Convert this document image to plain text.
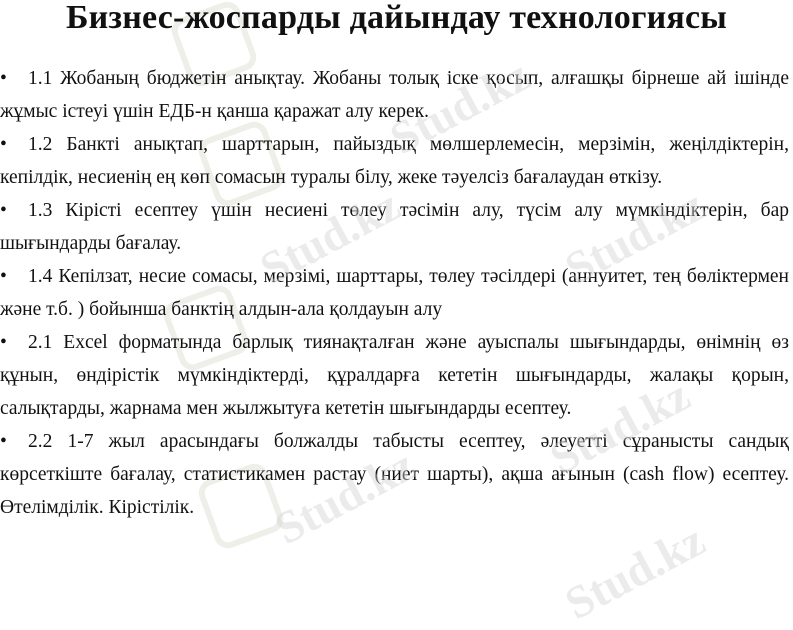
Бизнес-жоспарды дайындау технологиясы
• 1.1 Жобаның бюджетін анықтау. Жобаны толық іске қосып, алғашқы бірнеше ай ішінде жұмыс істеуі үшін ЕДБ-н қанша қаражат алу керек.
• 1.2 Банкті анықтап, шарттарын, пайыздық мөлшерлемесін, мерзімін, жеңілдіктерін, кепілдік, несиенің ең көп сомасын туралы білу, жеке тәуелсіз бағалаудан өткізу.
• 1.3 Кірісті есептеу үшін несиені төлеу тәсімін алу, түсім алу мүмкіндіктерін, бар шығындарды бағалау.
• 1.4 Кепілзат, несие сомасы, мерзімі, шарттары, төлеу тәсілдері (аннуитет, тең бөліктермен және т.б. ) бойынша банктің алдын-ала қолдауын алу
• 2.1 Excel форматында барлық тиянақталған және ауыспалы шығындарды, өнімнің өз құнын, өндірістік мүмкіндіктерді, құралдарға кететін шығындарды, жалақы қорын, салықтарды, жарнама мен жылжытуға кететін шығындарды есептеу.
• 2.2 1-7 жыл арасындағы болжалды табысты есептеу, әлеуетті сұранысты сандық көрсеткіште бағалау, статистикамен растау (ниет шарты), ақша ағынын (cash flow) есептеу. Өтелімділік. Кірістілік.
Stud.kz
Stud.kz	Stud.kz
Stud.kz
Stud.kz
Stud.kz
